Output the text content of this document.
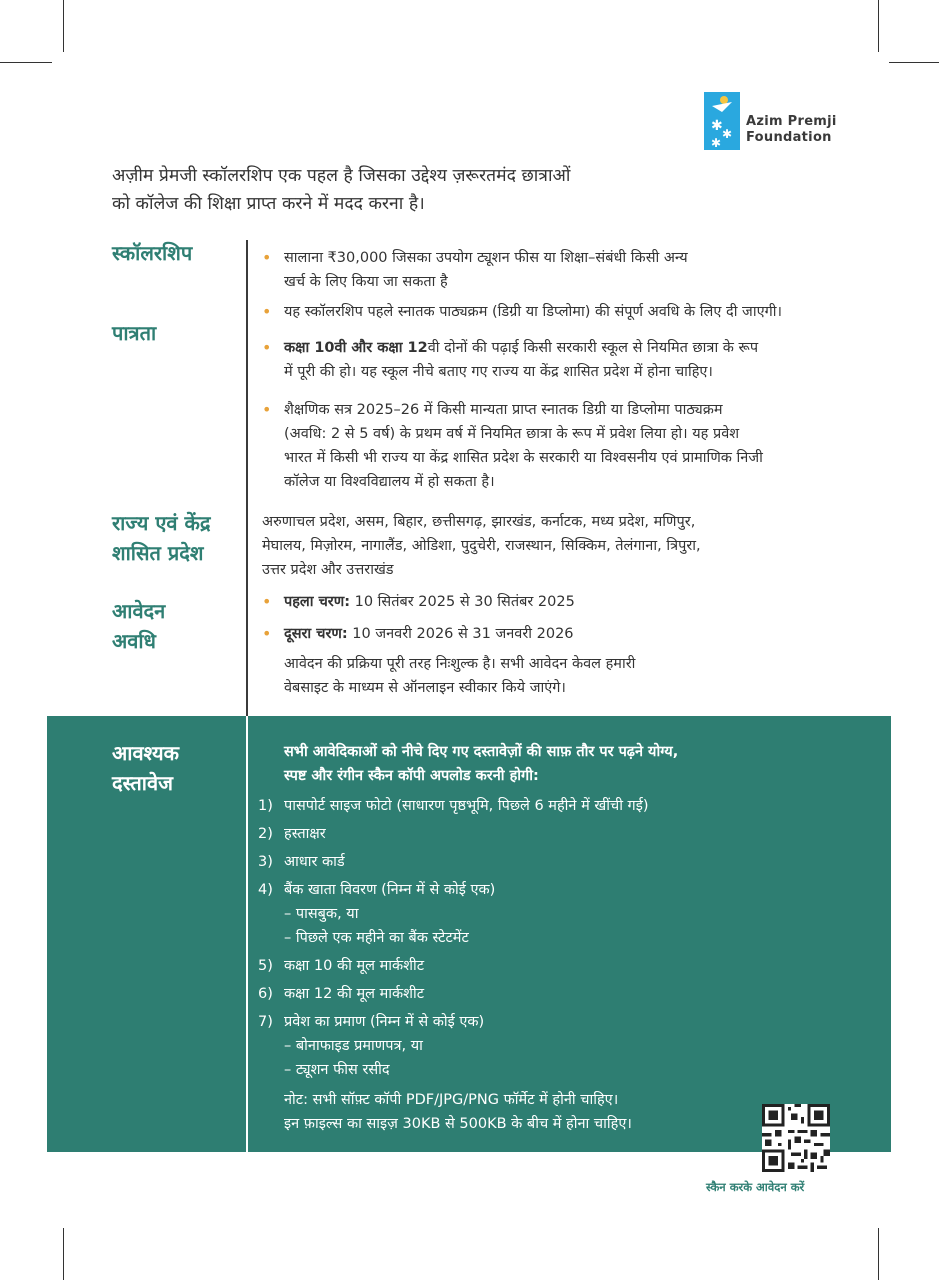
✱ ✱
✱
Azim Premji
Foundation
अज़ीम प्रेमजी स्कॉलरशिप एक पहल है जिसका उद्देश्य ज़रूरतमंद छात्राओं
को कॉलेज की शिक्षा प्राप्त करने में मदद करना है।
स्कॉलरशिप
•	सालाना ₹30,000 जिसका उपयोग ट्यूशन फीस या शिक्षा–संबंधी किसी अन्य
खर्च के लिए किया जा सकता है
• यह स्कॉलरशिप पहले स्नातक पाठ्यक्रम (डिग्री या डिप्लोमा) की संपूर्ण अवधि के लिए दी जाएगी।
पात्रता
• कक्षा 10वी और कक्षा 12वी दोनों की पढ़ाई किसी सरकारी स्कूल से नियमित छात्रा के रूप
में पूरी की हो। यह स्कूल नीचे बताए गए राज्य या केंद्र शासित प्रदेश में होना चाहिए।
• शैक्षणिक सत्र 2025–26 में किसी मान्यता प्राप्त स्नातक डिग्री या डिप्लोमा पाठ्यक्रम
(अवधि: 2 से 5 वर्ष) के प्रथम वर्ष में नियमित छात्रा के रूप में प्रवेश लिया हो। यह प्रवेश
भारत में किसी भी राज्य या केंद्र शासित प्रदेश के सरकारी या विश्वसनीय एवं प्रामाणिक निजी
कॉलेज या विश्वविद्यालय में हो सकता है।
राज्य एवं केंद्र
शासित प्रदेश
अरुणाचल प्रदेश, असम, बिहार, छत्तीसगढ़, झारखंड, कर्नाटक, मध्य प्रदेश, मणिपुर,
मेघालय, मिज़ोरम, नागालैंड, ओडिशा, पुदुचेरी, राजस्थान, सिक्किम, तेलंगाना, त्रिपुरा,
उत्तर प्रदेश और उत्तराखंड
आवेदन
अवधि
• पहला चरण: 10 सितंबर 2025 से 30 सितंबर 2025
• दूसरा चरण: 10 जनवरी 2026 से 31 जनवरी 2026
आवेदन की प्रक्रिया पूरी तरह निःशुल्क है। सभी आवेदन केवल हमारी
वेबसाइट के माध्यम से ऑनलाइन स्वीकार किये जाएंगे।
आवश्यक
दस्तावेज
सभी आवेदिकाओं को नीचे दिए गए दस्तावेज़ों की साफ़ तौर पर पढ़ने योग्य,
स्पष्ट और रंगीन स्कैन कॉपी अपलोड करनी होगी:
1) पासपोर्ट साइज फोटो (साधारण पृष्ठभूमि, पिछले 6 महीने में खींची गई)
2) हस्ताक्षर
3) आधार कार्ड
4) बैंक खाता विवरण (निम्न में से कोई एक)
– पासबुक, या
– पिछले एक महीने का बैंक स्टेटमेंट
5) कक्षा 10 की मूल मार्कशीट
6) कक्षा 12 की मूल मार्कशीट
7) प्रवेश का प्रमाण (निम्न में से कोई एक)
– बोनाफाइड प्रमाणपत्र, या
– ट्यूशन फीस रसीद
नोट: सभी सॉफ़्ट कॉपी PDF/JPG/PNG फॉर्मेट में होनी चाहिए।
इन फ़ाइल्स का साइज़ 30KB से 500KB के बीच में होना चाहिए।
स्कैन करके आवेदन करें
